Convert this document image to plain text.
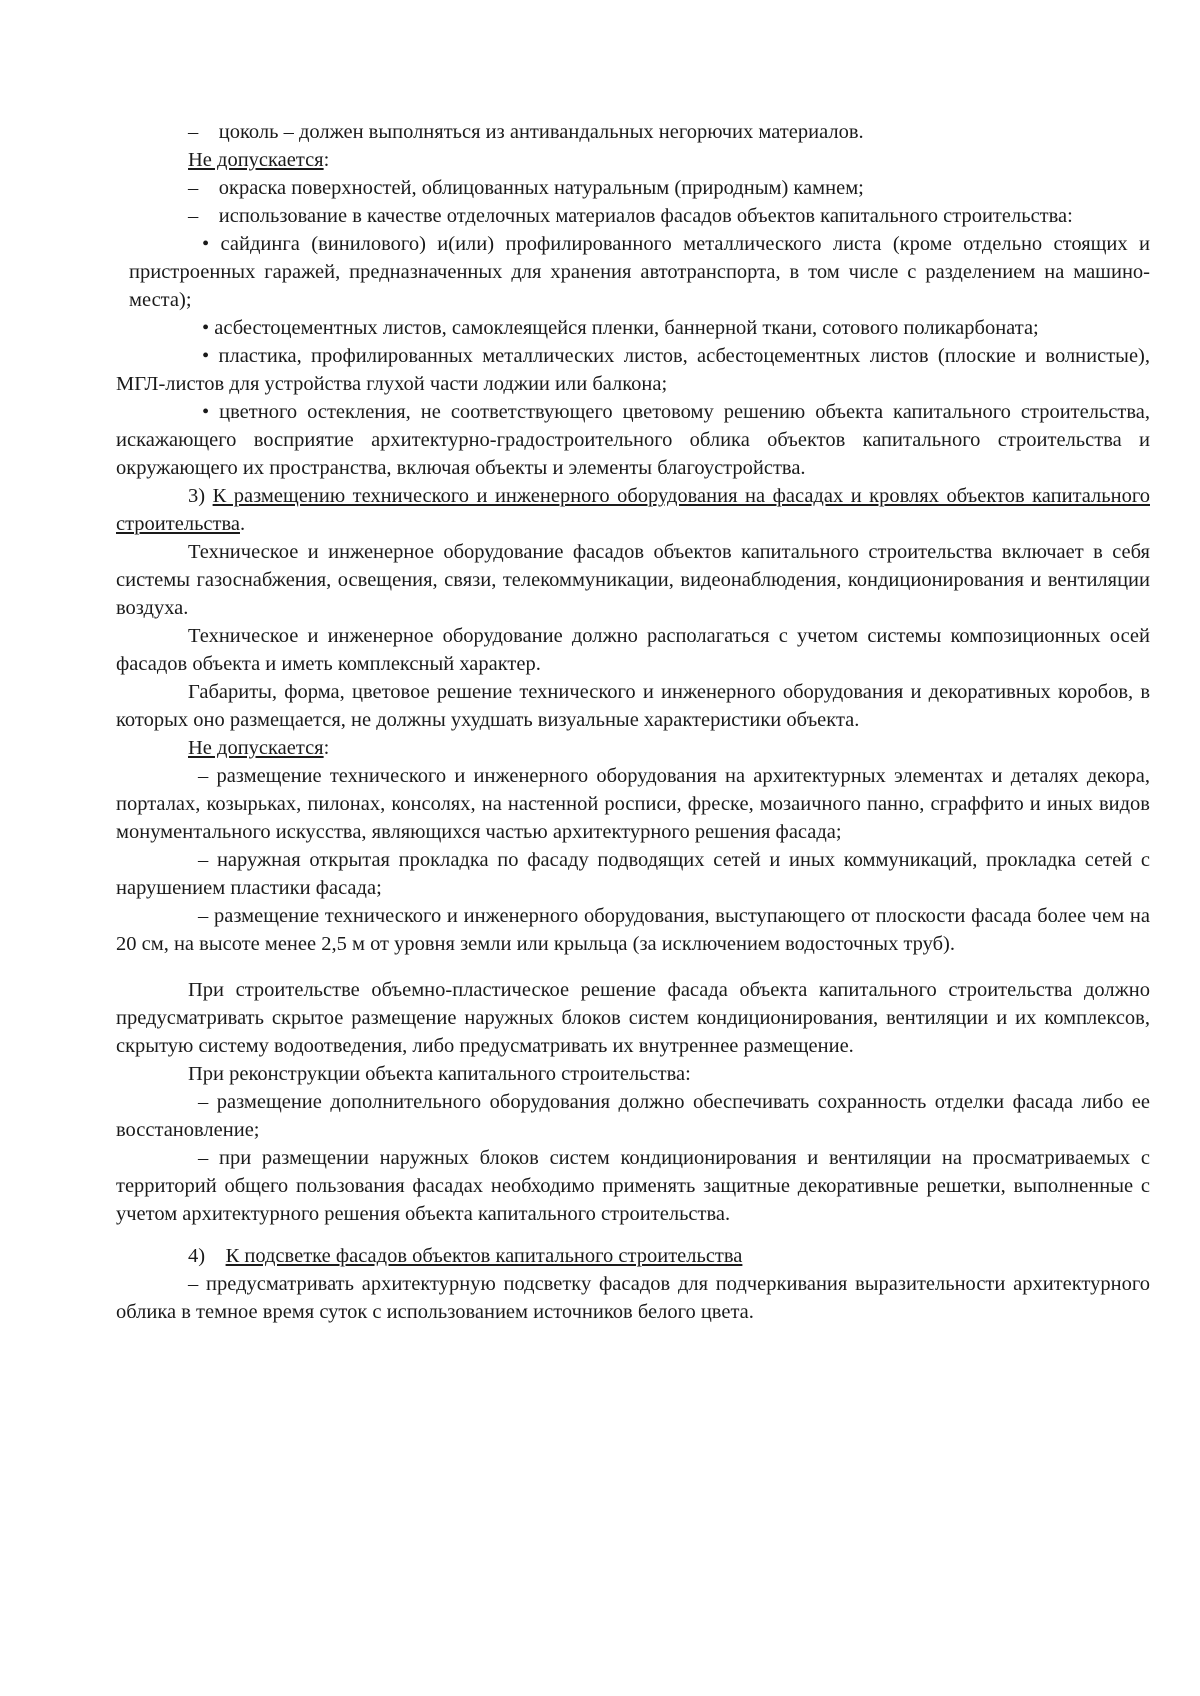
– цоколь – должен выполняться из антивандальных негорючих материалов.

Не допускается:

– окраска поверхностей, облицованных натуральным (природным) камнем;

– использование в качестве отделочных материалов фасадов объектов капитального строительства:

• сайдинга (винилового) и(или) профилированного металлического листа (кроме отдельно стоящих и пристроенных гаражей, предназначенных для хранения автотранспорта, в том числе с разделением на машино-места);

• асбестоцементных листов, самоклеящейся пленки, баннерной ткани, сотового поликарбоната;

• пластика, профилированных металлических листов, асбестоцементных листов (плоские и волнистые), МГЛ-листов для устройства глухой части лоджии или балкона;

• цветного остекления, не соответствующего цветовому решению объекта капитального строительства, искажающего восприятие архитектурно-градостроительного облика объектов капитального строительства и окружающего их пространства, включая объекты и элементы благоустройства.

3) К размещению технического и инженерного оборудования на фасадах и кровлях объектов капитального строительства.

Техническое и инженерное оборудование фасадов объектов капитального строительства включает в себя системы газоснабжения, освещения, связи, телекоммуникации, видеонаблюдения, кондиционирования и вентиляции воздуха.

Техническое и инженерное оборудование должно располагаться с учетом системы композиционных осей фасадов объекта и иметь комплексный характер.

Габариты, форма, цветовое решение технического и инженерного оборудования и декоративных коробов, в которых оно размещается, не должны ухудшать визуальные характеристики объекта.

Не допускается:

– размещение технического и инженерного оборудования на архитектурных элементах и деталях декора, порталах, козырьках, пилонах, консолях, на настенной росписи, фреске, мозаичного панно, сграффито и иных видов монументального искусства, являющихся частью архитектурного решения фасада;

– наружная открытая прокладка по фасаду подводящих сетей и иных коммуникаций, прокладка сетей с нарушением пластики фасада;

– размещение технического и инженерного оборудования, выступающего от плоскости фасада более чем на 20 см, на высоте менее 2,5 м от уровня земли или крыльца (за исключением водосточных труб).

При строительстве объемно-пластическое решение фасада объекта капитального строительства должно предусматривать скрытое размещение наружных блоков систем кондиционирования, вентиляции и их комплексов, скрытую систему водоотведения, либо предусматривать их внутреннее размещение.

При реконструкции объекта капитального строительства:

– размещение дополнительного оборудования должно обеспечивать сохранность отделки фасада либо ее восстановление;

– при размещении наружных блоков систем кондиционирования и вентиляции на просматриваемых с территорий общего пользования фасадах необходимо применять защитные декоративные решетки, выполненные с учетом архитектурного решения объекта капитального строительства.

4) К подсветке фасадов объектов капитального строительства

– предусматривать архитектурную подсветку фасадов для подчеркивания выразительности архитектурного облика в темное время суток с использованием источников белого цвета.
